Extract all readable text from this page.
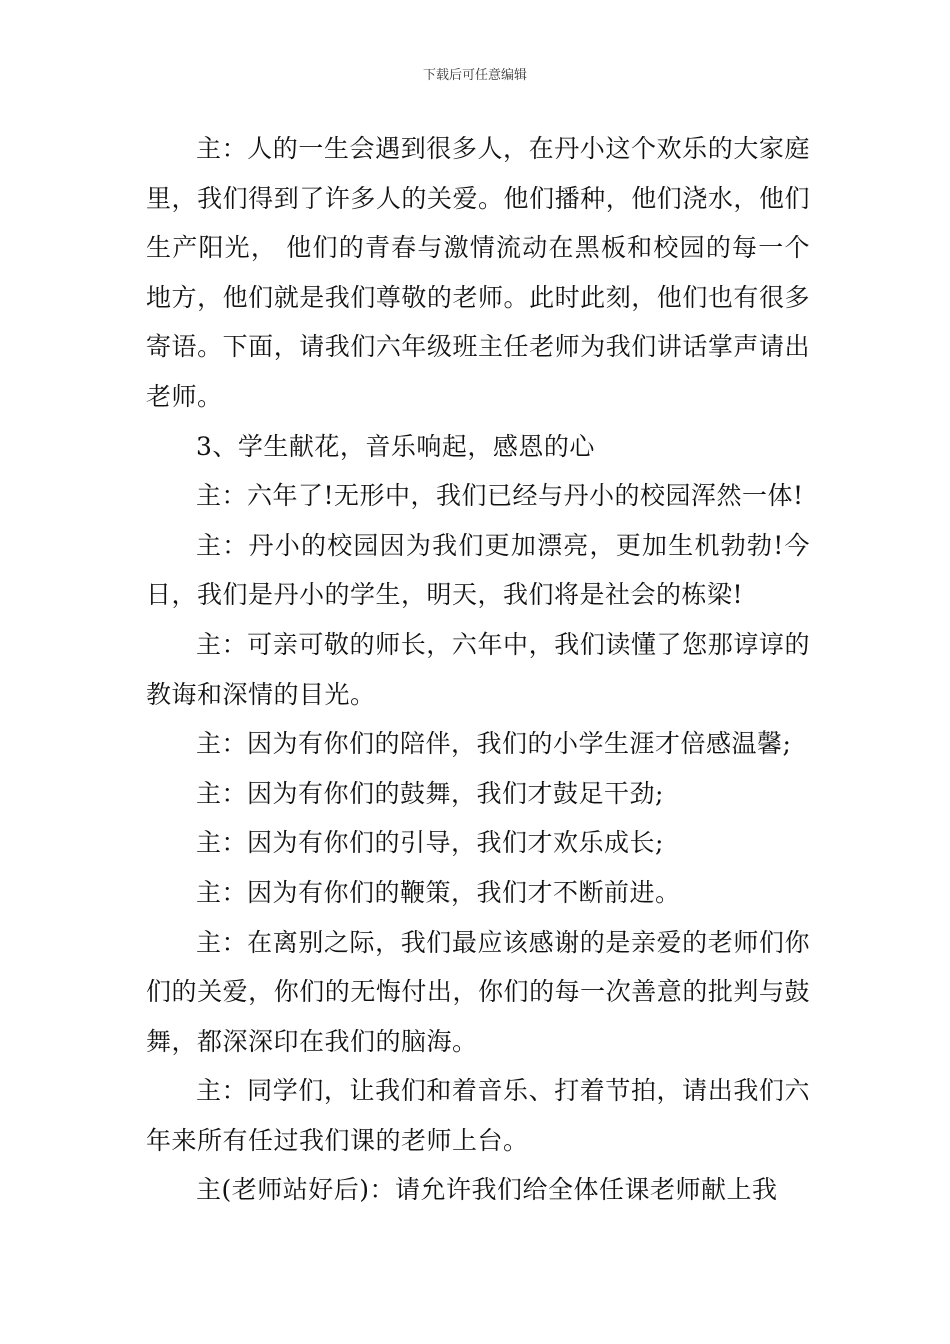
下载后可任意编辑

主：人的一生会遇到很多人，在丹小这个欢乐的大家庭里，我们得到了许多人的关爱。他们播种，他们浇水，他们生产阳光， 他们的青春与激情流动在黑板和校园的每一个地方，他们就是我们尊敬的老师。此时此刻，他们也有很多寄语。下面，请我们六年级班主任老师为我们讲话掌声请出老师。

3、学生献花，音乐响起，感恩的心

主：六年了!无形中，我们已经与丹小的校园浑然一体!

主：丹小的校园因为我们更加漂亮，更加生机勃勃!今日，我们是丹小的学生，明天，我们将是社会的栋梁!

主：可亲可敬的师长，六年中，我们读懂了您那谆谆的教诲和深情的目光。

主：因为有你们的陪伴，我们的小学生涯才倍感温馨;

主：因为有你们的鼓舞，我们才鼓足干劲;

主：因为有你们的引导，我们才欢乐成长;

主：因为有你们的鞭策，我们才不断前进。

主：在离别之际，我们最应该感谢的是亲爱的老师们你们的关爱，你们的无悔付出，你们的每一次善意的批判与鼓舞，都深深印在我们的脑海。

主：同学们，让我们和着音乐、打着节拍，请出我们六年来所有任过我们课的老师上台。

主(老师站好后)：请允许我们给全体任课老师献上我
